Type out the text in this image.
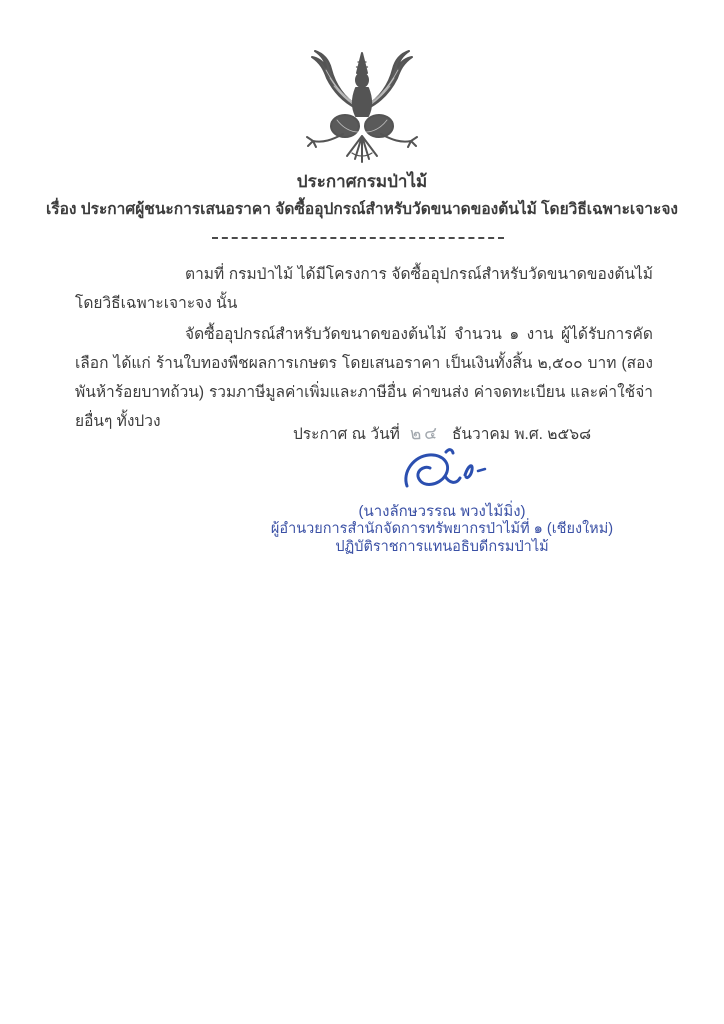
ประกาศกรมป่าไม้
เรื่อง ประกาศผู้ชนะการเสนอราคา จัดซื้ออุปกรณ์สำหรับวัดขนาดของต้นไม้ โดยวิธีเฉพาะเจาะจง

ตามที่ กรมป่าไม้ ได้มีโครงการ จัดซื้ออุปกรณ์สำหรับวัดขนาดของต้นไม้ โดยวิธีเฉพาะเจาะจง นั้น

จัดซื้ออุปกรณ์สำหรับวัดขนาดของต้นไม้ จำนวน ๑ งาน ผู้ได้รับการคัดเลือก ได้แก่ ร้านใบทองพืชผลการเกษตร โดยเสนอราคา เป็นเงินทั้งสิ้น ๒,๕๐๐ บาท (สองพันห้าร้อยบาทถ้วน) รวมภาษีมูลค่าเพิ่มและภาษีอื่น ค่าขนส่ง ค่าจดทะเบียน และค่าใช้จ่ายอื่นๆ ทั้งปวง

ประกาศ ณ วันที่ ๒๔ ธันวาคม พ.ศ. ๒๕๖๘
(นางลักษวรรณ พวงไม้มิ่ง)
ผู้อำนวยการสำนักจัดการทรัพยากรป่าไม้ที่ ๑ (เชียงใหม่)
ปฏิบัติราชการแทนอธิบดีกรมป่าไม้
